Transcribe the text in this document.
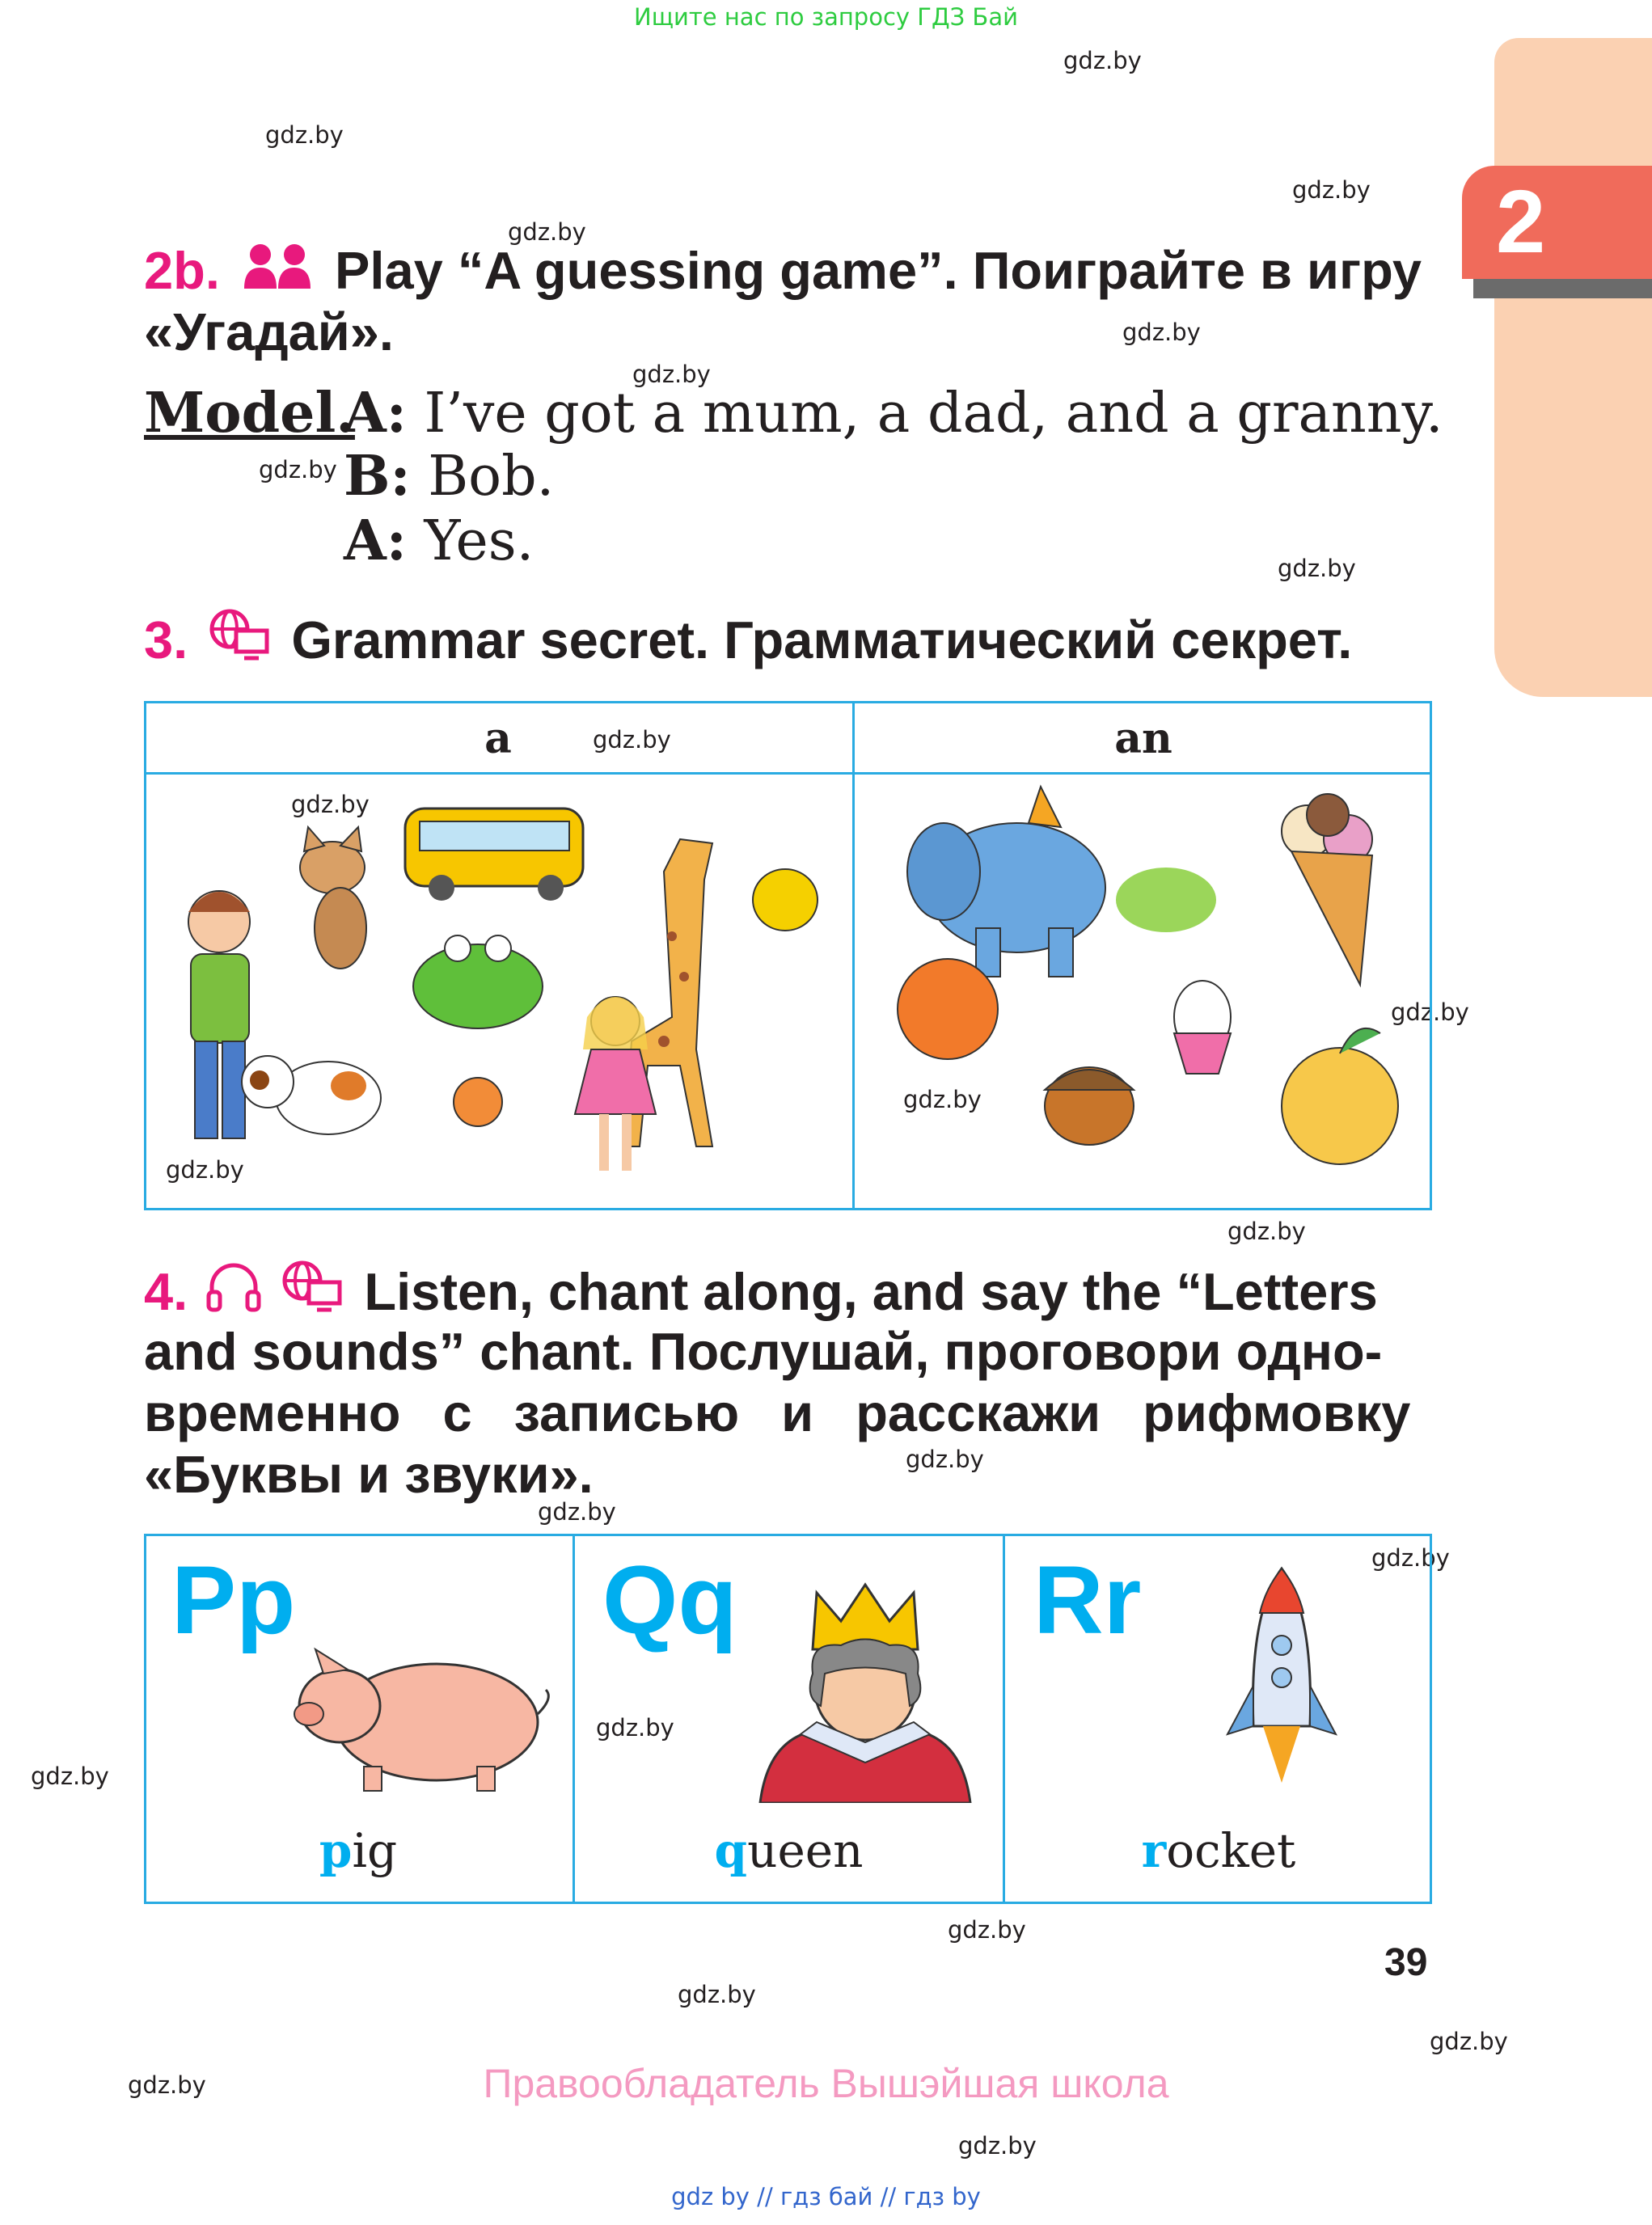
Ищите нас по запросу ГДЗ Бай
2
gdz.by
gdz.by
gdz.by
gdz.by
gdz.by
gdz.by
gdz.by
gdz.by
gdz.by
gdz.by
gdz.by
gdz.by
gdz.by
gdz.by
gdz.by
gdz.by
gdz.by
gdz.by
gdz.by
gdz.by
gdz.by
gdz.by
gdz.by
gdz.by
2b. Play “A guessing game”. Поиграйте в игру
«Угадай».
Model.
A: I’ve got a mum, a dad, and a granny.
B: Bob.
A: Yes.
3. Grammar secret. Грамматический секрет.
a	an
4.	Listen, chant along, and say the “Letters
and sounds” chant. Послушай, проговори одно-
временно с записью и расскажи рифмовку
«Буквы и звуки».
Pp	Qq	Rr
pig	queen	rocket
39
Правообладатель Вышэйшая школа
gdz by // гдз бай // гдз by
